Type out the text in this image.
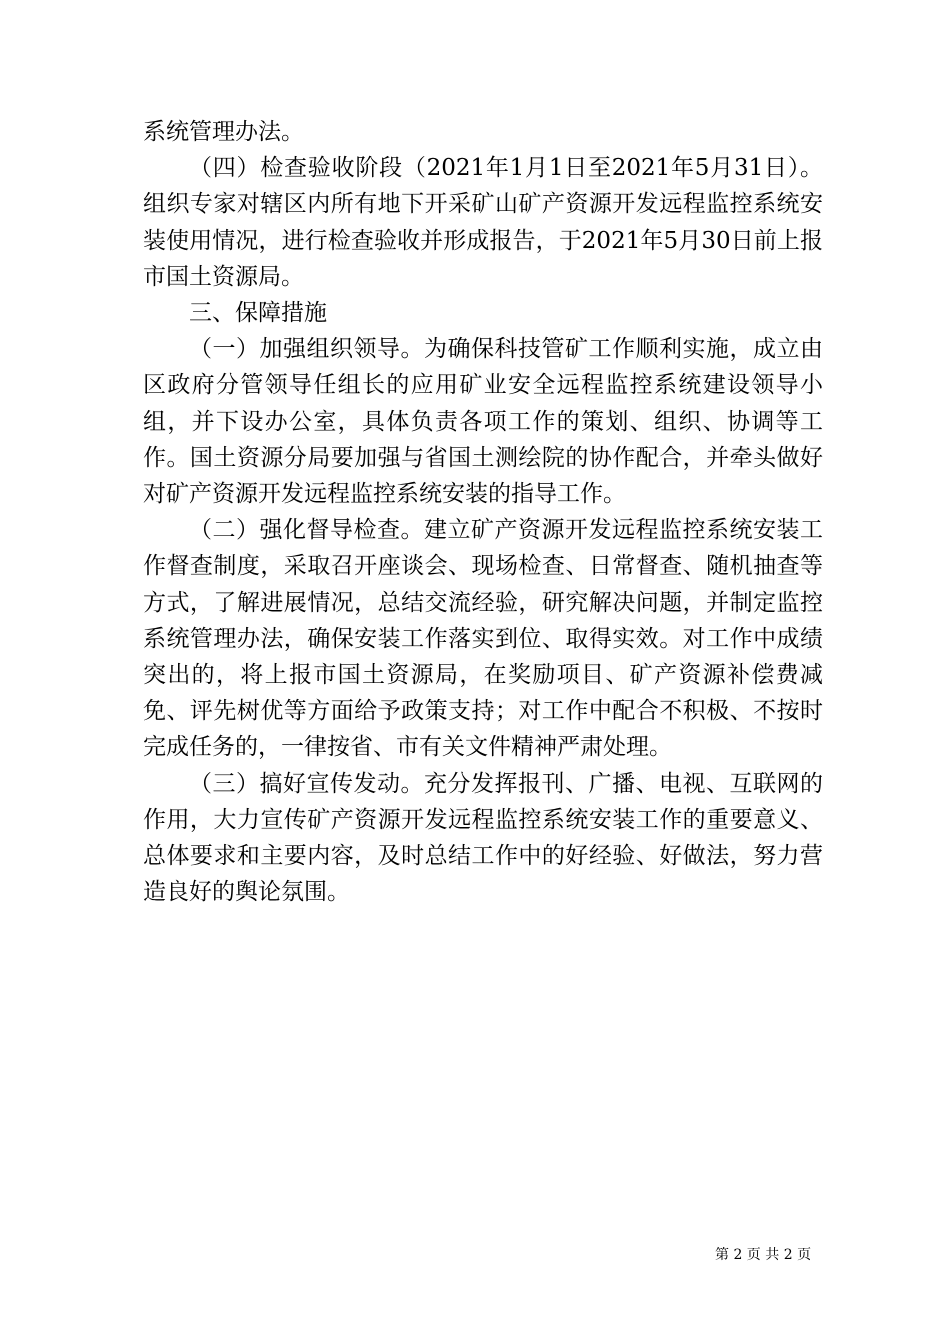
系统管理办法。

（四）检查验收阶段（2021年1月1日至2021年5月31日）。组织专家对辖区内所有地下开采矿山矿产资源开发远程监控系统安装使用情况，进行检查验收并形成报告，于2021年5月30日前上报市国土资源局。

三、保障措施

（一）加强组织领导。为确保科技管矿工作顺利实施，成立由区政府分管领导任组长的应用矿业安全远程监控系统建设领导小组，并下设办公室，具体负责各项工作的策划、组织、协调等工作。国土资源分局要加强与省国土测绘院的协作配合，并牵头做好对矿产资源开发远程监控系统安装的指导工作。

（二）强化督导检查。建立矿产资源开发远程监控系统安装工作督查制度，采取召开座谈会、现场检查、日常督查、随机抽查等方式，了解进展情况，总结交流经验，研究解决问题，并制定监控系统管理办法，确保安装工作落实到位、取得实效。对工作中成绩突出的，将上报市国土资源局，在奖励项目、矿产资源补偿费减免、评先树优等方面给予政策支持；对工作中配合不积极、不按时完成任务的，一律按省、市有关文件精神严肃处理。

（三）搞好宣传发动。充分发挥报刊、广播、电视、互联网的作用，大力宣传矿产资源开发远程监控系统安装工作的重要意义、总体要求和主要内容，及时总结工作中的好经验、好做法，努力营造良好的舆论氛围。

第 2 页 共 2 页
